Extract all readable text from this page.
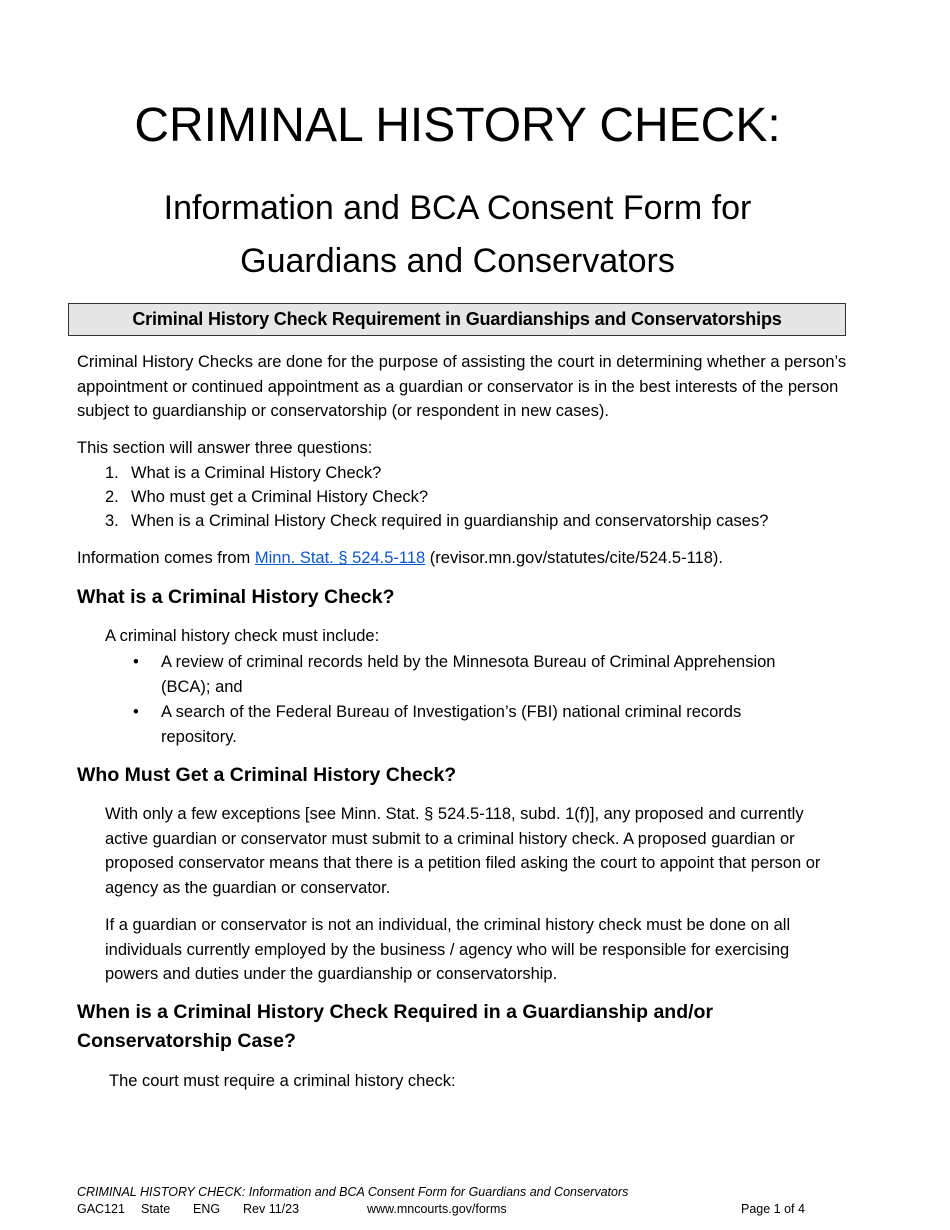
CRIMINAL HISTORY CHECK:
Information and BCA Consent Form for
Guardians and Conservators
Criminal History Check Requirement in Guardianships and Conservatorships

Criminal History Checks are done for the purpose of assisting the court in determining whether a person’s appointment or continued appointment as a guardian or conservator is in the best interests of the person subject to guardianship or conservatorship (or respondent in new cases).

This section will answer three questions:

1. What is a Criminal History Check?
2. Who must get a Criminal History Check?
3. When is a Criminal History Check required in guardianship and conservatorship cases?

Information comes from Minn. Stat. § 524.5-118 (revisor.mn.gov/statutes/cite/524.5-118).

What is a Criminal History Check?

A criminal history check must include:

• A review of criminal records held by the Minnesota Bureau of Criminal Apprehension (BCA); and
• A search of the Federal Bureau of Investigation’s (FBI) national criminal records repository.
Who Must Get a Criminal History Check?

With only a few exceptions [see Minn. Stat. § 524.5-118, subd. 1(f)], any proposed and currently active guardian or conservator must submit to a criminal history check. A proposed guardian or proposed conservator means that there is a petition filed asking the court to appoint that person or agency as the guardian or conservator.

If a guardian or conservator is not an individual, the criminal history check must be done on all individuals currently employed by the business / agency who will be responsible for exercising powers and duties under the guardianship or conservatorship.

When is a Criminal History Check Required in a Guardianship and/or Conservatorship Case?

The court must require a criminal history check:

CRIMINAL HISTORY CHECK: Information and BCA Consent Form for Guardians and Conservators
GAC121 State ENG Rev 11/23	www.mncourts.gov/forms	Page 1 of 4
